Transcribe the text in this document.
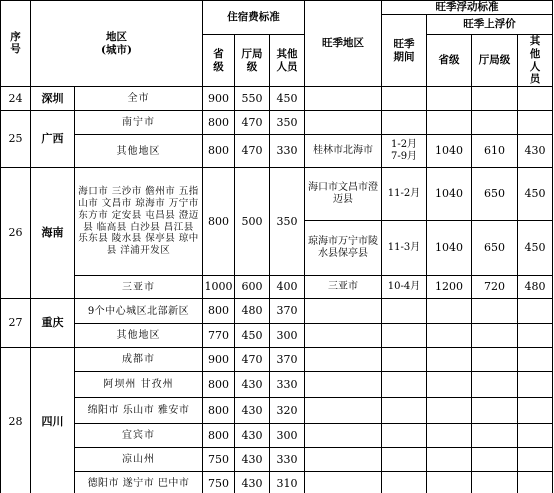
序号	地区
(城市)		住宿费标准			旺季地区	旺季浮动标准			
							旺季期间	旺季上浮价		
			省级	厅局级	其他人员			省级	厅局级	其他人员
24	深圳	全市	900	550	450					
25	广西	南宁市	800	470	350					
		其他地区	800	470	330	桂林市北海市	1-2月 7-9月	1040	610	430
26	海南	海口市 三沙市 儋州市 五指山市 文昌市 琼海市 万宁市 东方市 定安县 屯昌县 澄迈县 临高县 白沙县 昌江县 乐东县 陵水县 保亭县 琼中县 洋浦开发区	800	500	350	海口市文昌市澄迈县	11-2月	1040	650	450
						琼海市万宁市陵水县保亭县	11-3月	1040	650	450
		三亚市	1000	600	400	三亚市	10-4月	1200	720	480
27	重庆	9个中心城区北部新区	800	480	370					
		其他地区	770	450	300					
28	四川	成都市	900	470	370					
		阿坝州 甘孜州	800	430	330					
		绵阳市 乐山市 雅安市	800	430	320					
		宜宾市	800	430	300					
		凉山州	750	430	330					
		德阳市 遂宁市 巴中市	750	430	310					
